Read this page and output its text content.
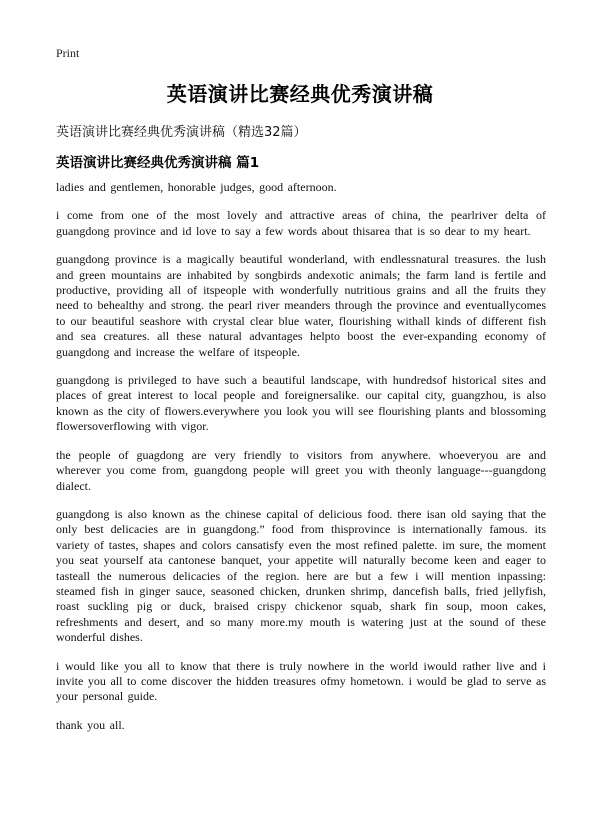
Print
英语演讲比赛经典优秀演讲稿
英语演讲比赛经典优秀演讲稿（精选32篇）
英语演讲比赛经典优秀演讲稿 篇1

ladies and gentlemen, honorable judges, good afternoon.

i come from one of the most lovely and attractive areas of china, the pearlriver delta of guangdong province and id love to say a few words about thisarea that is so dear to my heart.

guangdong province is a magically beautiful wonderland, with endlessnatural treasures. the lush and green mountains are inhabited by songbirds andexotic animals; the farm land is fertile and productive, providing all of itspeople with wonderfully nutritious grains and all the fruits they need to behealthy and strong. the pearl river meanders through the province and eventuallycomes to our beautiful seashore with crystal clear blue water, flourishing withall kinds of different fish and sea creatures. all these natural advantages helpto boost the ever-expanding economy of guangdong and increase the welfare of itspeople.

guangdong is privileged to have such a beautiful landscape, with hundredsof historical sites and places of great interest to local people and foreignersalike. our capital city, guangzhou, is also known as the city of flowers.everywhere you look you will see flourishing plants and blossoming flowersoverflowing with vigor.

the people of guagdong are very friendly to visitors from anywhere. whoeveryou are and wherever you come from, guangdong people will greet you with theonly language---guangdong dialect.

guangdong is also known as the chinese capital of delicious food. there isan old saying that the only best delicacies are in guangdong.” food from thisprovince is internationally famous. its variety of tastes, shapes and colors cansatisfy even the most refined palette. im sure, the moment you seat yourself ata cantonese banquet, your appetite will naturally become keen and eager to tasteall the numerous delicacies of the region. here are but a few i will mention inpassing: steamed fish in ginger sauce, seasoned chicken, drunken shrimp, dancefish balls, fried jellyfish, roast suckling pig or duck, braised crispy chickenor squab, shark fin soup, moon cakes, refreshments and desert, and so many more.my mouth is watering just at the sound of these wonderful dishes.

i would like you all to know that there is truly nowhere in the world iwould rather live and i invite you all to come discover the hidden treasures ofmy hometown. i would be glad to serve as your personal guide.

thank you all.
